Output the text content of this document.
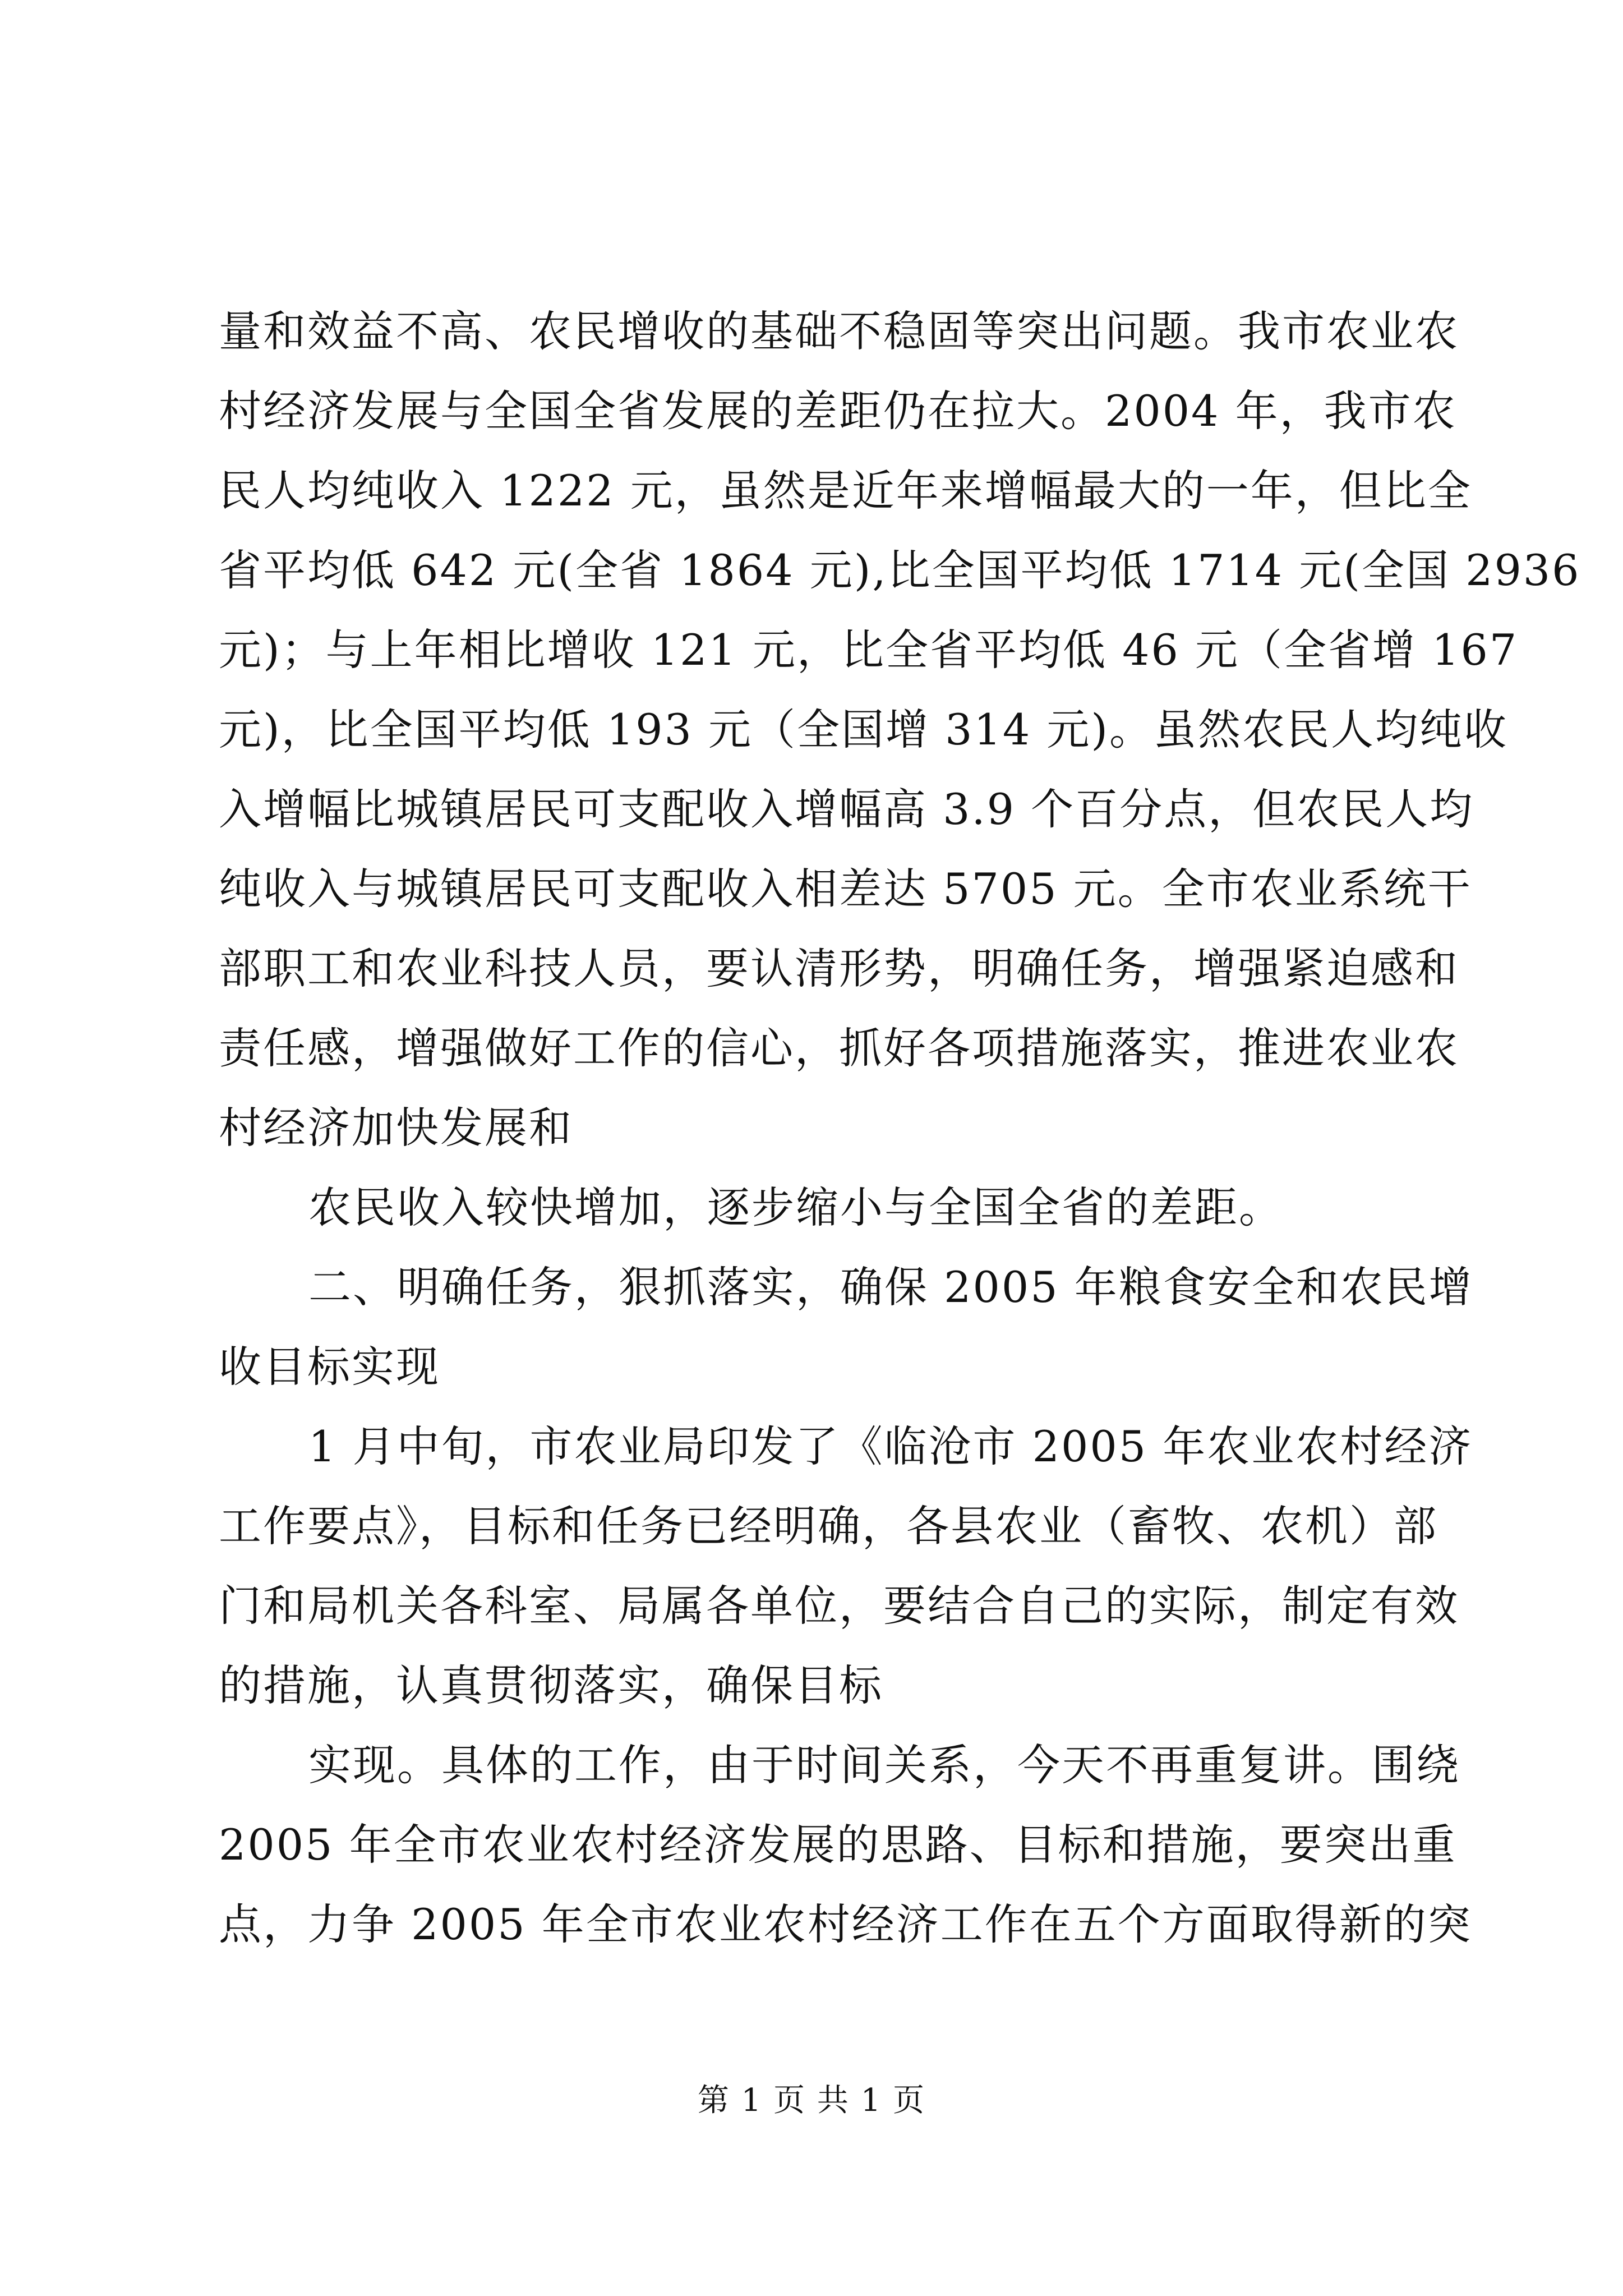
量和效益不高、农民增收的基础不稳固等突出问题。我市农业农
村经济发展与全国全省发展的差距仍在拉大。2004 年，我市农
民人均纯收入 1222 元，虽然是近年来增幅最大的一年，但比全
省平均低 642 元(全省 1864 元),比全国平均低 1714 元(全国 2936
元)；与上年相比增收 121 元，比全省平均低 46 元（全省增 167
元)，比全国平均低 193 元（全国增 314 元)。虽然农民人均纯收
入增幅比城镇居民可支配收入增幅高 3.9 个百分点，但农民人均
纯收入与城镇居民可支配收入相差达 5705 元。全市农业系统干
部职工和农业科技人员，要认清形势，明确任务，增强紧迫感和
责任感，增强做好工作的信心，抓好各项措施落实，推进农业农
村经济加快发展和
农民收入较快增加，逐步缩小与全国全省的差距。
二、明确任务，狠抓落实，确保 2005 年粮食安全和农民增
收目标实现
1 月中旬，市农业局印发了《临沧市 2005 年农业农村经济
工作要点》，目标和任务已经明确，各县农业（畜牧、农机）部
门和局机关各科室、局属各单位，要结合自己的实际，制定有效
的措施，认真贯彻落实，确保目标
实现。具体的工作，由于时间关系，今天不再重复讲。围绕
2005 年全市农业农村经济发展的思路、目标和措施，要突出重
点，力争 2005 年全市农业农村经济工作在五个方面取得新的突
第 1 页 共 1 页
